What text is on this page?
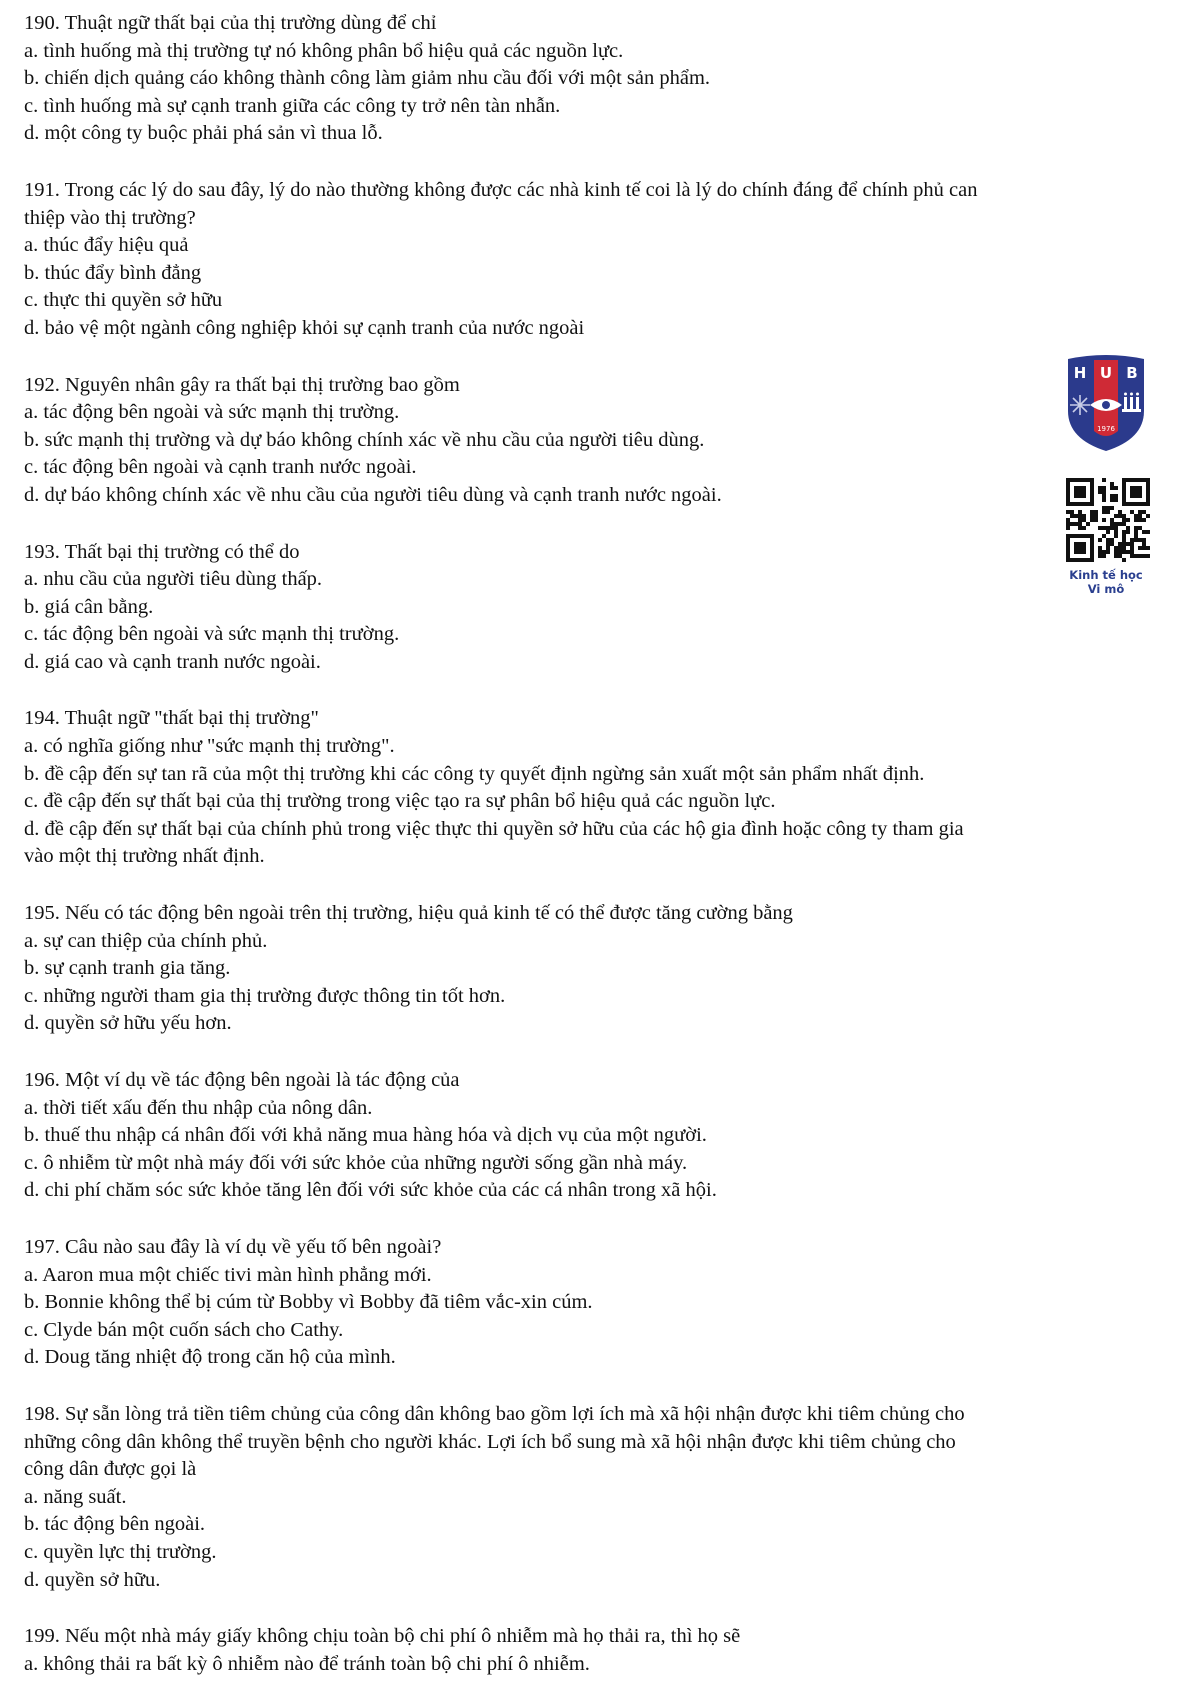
190. Thuật ngữ thất bại của thị trường dùng để chỉ
a. tình huống mà thị trường tự nó không phân bổ hiệu quả các nguồn lực.
b. chiến dịch quảng cáo không thành công làm giảm nhu cầu đối với một sản phẩm.
c. tình huống mà sự cạnh tranh giữa các công ty trở nên tàn nhẫn.
d. một công ty buộc phải phá sản vì thua lỗ.
191. Trong các lý do sau đây, lý do nào thường không được các nhà kinh tế coi là lý do chính đáng để chính phủ can
thiệp vào thị trường?
a. thúc đẩy hiệu quả
b. thúc đẩy bình đẳng
c. thực thi quyền sở hữu
d. bảo vệ một ngành công nghiệp khỏi sự cạnh tranh của nước ngoài
192. Nguyên nhân gây ra thất bại thị trường bao gồm
a. tác động bên ngoài và sức mạnh thị trường.
b. sức mạnh thị trường và dự báo không chính xác về nhu cầu của người tiêu dùng.
c. tác động bên ngoài và cạnh tranh nước ngoài.
d. dự báo không chính xác về nhu cầu của người tiêu dùng và cạnh tranh nước ngoài.
193. Thất bại thị trường có thể do
a. nhu cầu của người tiêu dùng thấp.
b. giá cân bằng.
c. tác động bên ngoài và sức mạnh thị trường.
d. giá cao và cạnh tranh nước ngoài.
194. Thuật ngữ "thất bại thị trường"
a. có nghĩa giống như "sức mạnh thị trường".
b. đề cập đến sự tan rã của một thị trường khi các công ty quyết định ngừng sản xuất một sản phẩm nhất định.
c. đề cập đến sự thất bại của thị trường trong việc tạo ra sự phân bổ hiệu quả các nguồn lực.
d. đề cập đến sự thất bại của chính phủ trong việc thực thi quyền sở hữu của các hộ gia đình hoặc công ty tham gia
vào một thị trường nhất định.
195. Nếu có tác động bên ngoài trên thị trường, hiệu quả kinh tế có thể được tăng cường bằng
a. sự can thiệp của chính phủ.
b. sự cạnh tranh gia tăng.
c. những người tham gia thị trường được thông tin tốt hơn.
d. quyền sở hữu yếu hơn.
196. Một ví dụ về tác động bên ngoài là tác động của
a. thời tiết xấu đến thu nhập của nông dân.
b. thuế thu nhập cá nhân đối với khả năng mua hàng hóa và dịch vụ của một người.
c. ô nhiễm từ một nhà máy đối với sức khỏe của những người sống gần nhà máy.
d. chi phí chăm sóc sức khỏe tăng lên đối với sức khỏe của các cá nhân trong xã hội.
197. Câu nào sau đây là ví dụ về yếu tố bên ngoài?
a. Aaron mua một chiếc tivi màn hình phẳng mới.
b. Bonnie không thể bị cúm từ Bobby vì Bobby đã tiêm vắc-xin cúm.
c. Clyde bán một cuốn sách cho Cathy.
d. Doug tăng nhiệt độ trong căn hộ của mình.
198. Sự sẵn lòng trả tiền tiêm chủng của công dân không bao gồm lợi ích mà xã hội nhận được khi tiêm chủng cho
những công dân không thể truyền bệnh cho người khác. Lợi ích bổ sung mà xã hội nhận được khi tiêm chủng cho
công dân được gọi là
a. năng suất.
b. tác động bên ngoài.
c. quyền lực thị trường.
d. quyền sở hữu.
199. Nếu một nhà máy giấy không chịu toàn bộ chi phí ô nhiễm mà họ thải ra, thì họ sẽ
a. không thải ra bất kỳ ô nhiễm nào để tránh toàn bộ chi phí ô nhiễm.
H U B
1976
Kinh tế học
Vi mô
